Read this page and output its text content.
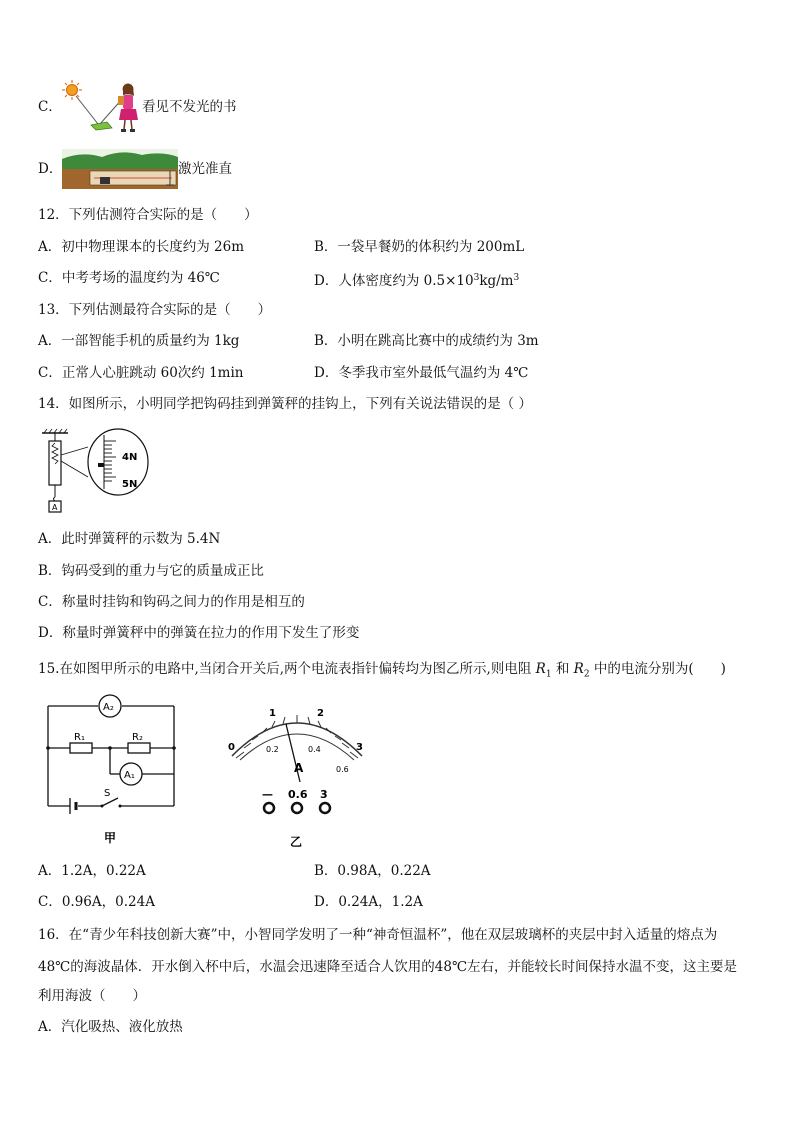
C．	看见不发光的书
D．	激光准直
12．下列估测符合实际的是（　　）
A．初中物理课本的长度约为 26m	B．一袋早餐奶的体积约为 200mL
C．中考考场的温度约为 46℃	D．人体密度约为 $0.5\times 10^3kg/m^3$
13．下列估测最符合实际的是（　　）
A．一部智能手机的质量约为 1kg	B．小明在跳高比赛中的成绩约为 3m
C．正常人心脏跳动 60次约 1min	D．冬季我市室外最低气温约为 4℃
14．如图所示，小明同学把钩码挂到弹簧秤的挂钩上，下列有关说法错误的是（ ）
A
4N
5N
A．此时弹簧秤的示数为 5.4N
B．钩码受到的重力与它的质量成正比
C．称量时挂钩和钩码之间力的作用是相互的
D．称量时弹簧秤中的弹簧在拉力的作用下发生了形变
15.在如图甲所示的电路中,当闭合开关后,两个电流表指针偏转均为图乙所示,则电阻 $R_1$ 和 $R_2$ 中的电流分别为(　　)
A₂
A₁
R₁	R₂
S
甲
0
1	2
3
0.2	0.4
0.6
A
— 0.6 3
乙
A．1.2A，0.22A	B．0.98A，0.22A
C．0.96A，0.24A	D．0.24A，1.2A
16．在“青少年科技创新大赛”中，小智同学发明了一种“神奇恒温杯”，他在双层玻璃杯的夹层中封入适量的熔点为
48℃的海波晶体．开水倒入杯中后，水温会迅速降至适合人饮用的48℃左右，并能较长时间保持水温不变，这主要是
利用海波（　　）
A．汽化吸热、液化放热
